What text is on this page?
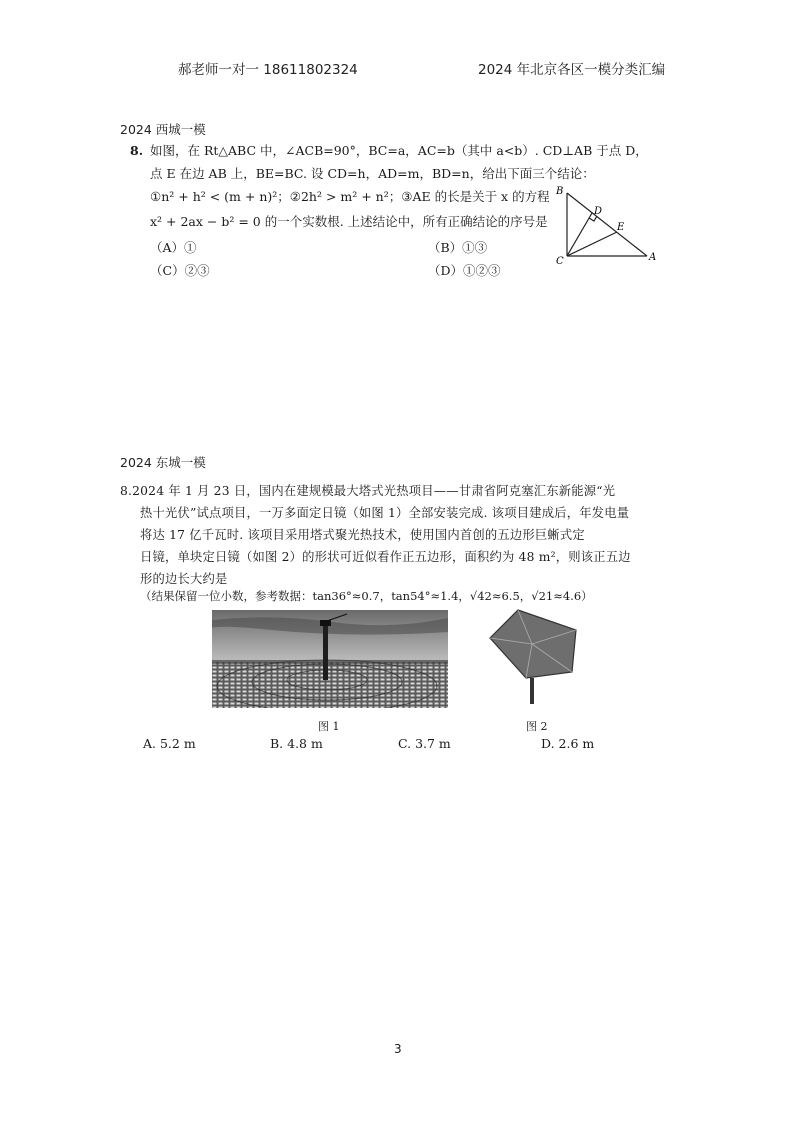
郝老师一对一 18611802324	2024 年北京各区一模分类汇编
2024 西城一模
8. 如图，在 Rt△ABC 中，∠ACB=90°，BC=a，AC=b（其中 a<b）. CD⊥AB 于点 D，
点 E 在边 AB 上，BE=BC. 设 CD=h，AD=m，BD=n，给出下面三个结论：
①n² + h² < (m + n)²；②2h² > m² + n²；③AE 的长是关于 x 的方程
x² + 2ax − b² = 0 的一个实数根. 上述结论中，所有正确结论的序号是
（A）①	（B）①③
（C）②③	（D）①②③
B
D
E
C	A
2024 东城一模
8.2024 年 1 月 23 日，国内在建规模最大塔式光热项目——甘肃省阿克塞汇东新能源“光
热十光伏”试点项目，一万多面定日镜（如图 1）全部安装完成. 该项目建成后，年发电量
将达 17 亿千瓦时. 该项目采用塔式聚光热技术，使用国内首创的五边形巨蜥式定
日镜，单块定日镜（如图 2）的形状可近似看作正五边形，面积约为 48 m²，则该正五边
形的边长大约是
（结果保留一位小数，参考数据：tan36°≈0.7，tan54°≈1.4，√42≈6.5，√21≈4.6）
图 1	图 2
A. 5.2 m	B. 4.8 m	C. 3.7 m	D. 2.6 m
3
